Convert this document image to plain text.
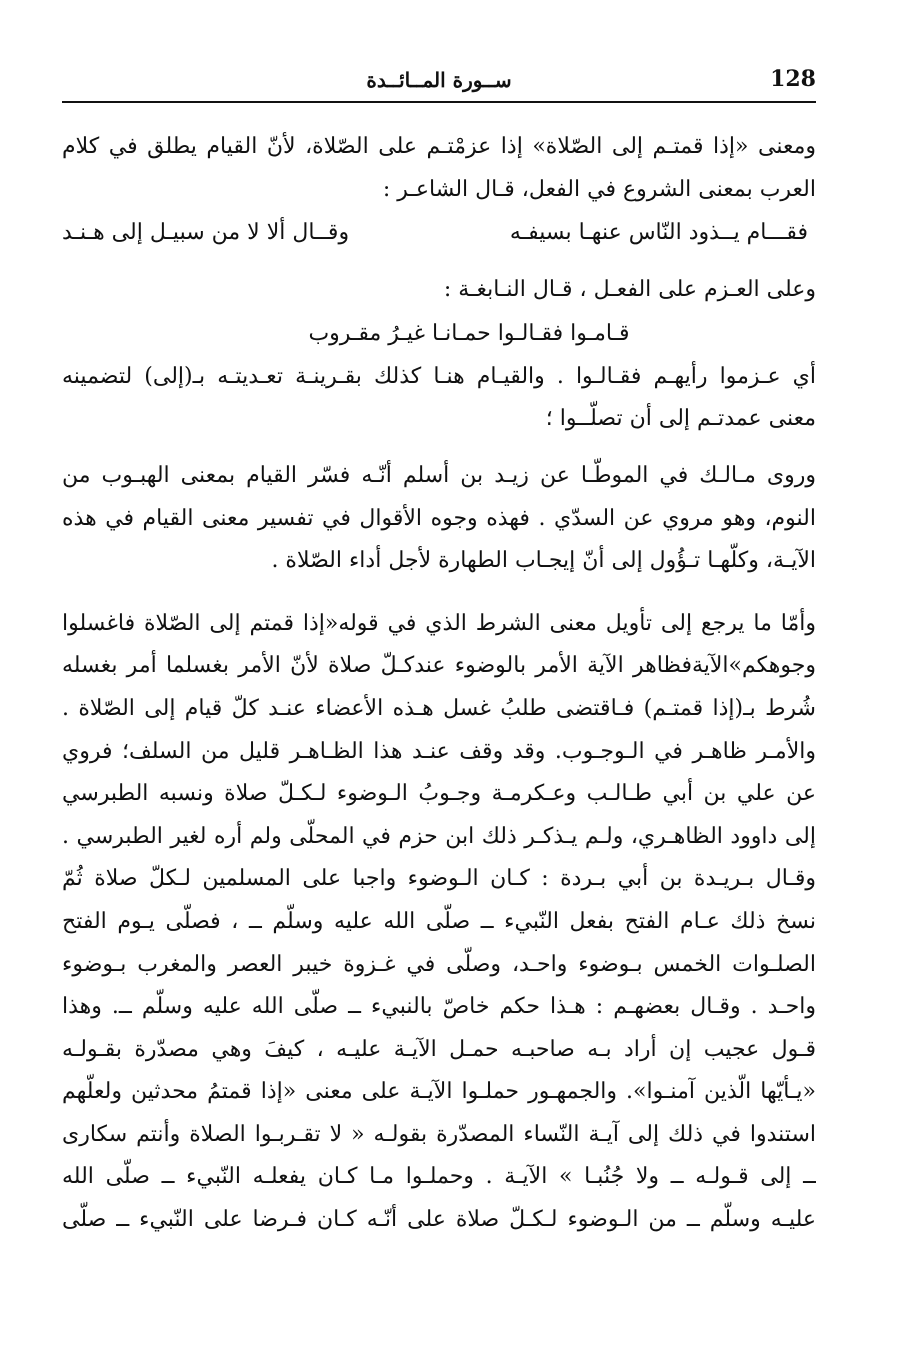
ســورة المــائــدة	128
ومعنى «إذا قمتـم إلى الصّلاة» إذا عزمْتـم على الصّلاة، لأنّ القيام يطلق في كلام
العرب بمعنى الشروع في الفعل، قـال الشاعـر :
فقـــام يــذود النّاس عنهـا بسيفـه
وقــال ألا لا من سبيـل إلى هـنـد
وعلى العـزم على الفعـل ، قـال النـابغـة :
قـامـوا فقـالـوا حمـانـا غيـرُ مقـروب
أي عـزموا رأيهـم فقـالـوا . والقيـام هنـا كذلك بقـرينـة تعـديتـه بـ(إلى) لتضمينه
معنى عمدتـم إلى أن تصلّــوا ؛
وروى مـالـك في الموطّـا عن زيـد بن أسلم أنّـه فسّر القيام بمعنى الهبـوب من
النوم، وهو مروي عن السدّي . فهذه وجوه الأقوال في تفسير معنى القيام في هذه
الآيـة، وكلّهـا تـؤُول إلى أنّ إيجـاب الطهارة لأجل أداء الصّلاة .
وأمّا ما يرجع إلى تأويل معنى الشرط الذي في قوله«إذا قمتم إلى الصّلاة فاغسلوا
وجوهكم»الآيةفظاهر الآية الأمر بالوضوء عندكـلّ صلاة لأنّ الأمر بغسلما أمر بغسله
شُرط بـ(إذا قمتـم) فـاقتضى طلبُ غسل هـذه الأعضاء عنـد كلّ قيام إلى الصّلاة .
والأمـر ظاهـر في الـوجـوب. وقد وقف عنـد هذا الظـاهـر قليل من السلف؛ فروي
عن علي بن أبي طـالـب وعـكرمـة وجـوبُ الـوضوء لـكـلّ صلاة ونسبه الطبرسي
إلى داوود الظاهـري، ولـم يـذكـر ذلك ابن حزم في المحلّى ولم أره لغير الطبرسي .
وقـال بـريـدة بن أبي بـردة : كـان الـوضوء واجبا على المسلمين لـكلّ صلاة ثُمّ
نسخ ذلك عـام الفتح بفعل النّبيء ــ صلّى الله عليه وسلّم ــ ، فصلّى يـوم الفتح
الصلـوات الخمس بـوضوء واحـد، وصلّى في غـزوة خيبر العصر والمغرب بـوضوء
واحـد . وقـال بعضهـم : هـذا حكم خاصّ بالنبيء ــ صلّى الله عليه وسلّم ــ. وهذا
قـول عجيب إن أراد بـه صاحبـه حمـل الآيـة عليـه ، كيفَ وهي مصدّرة بقـولـه
«يـأيّها الّذين آمنـوا». والجمهـور حملـوا الآيـة على معنى «إذا قمتمُ محدثين ولعلّهم
استندوا في ذلك إلى آيـة النّساء المصدّرة بقولـه « لا تقـربـوا الصلاة وأنتم سكارى
ــ إلى قـولـه ــ ولا جُنُبـا » الآيـة . وحملـوا مـا كـان يفعلـه النّبيء ــ صلّى الله
عليـه وسلّم ــ من الـوضوء لـكـلّ صلاة على أنّـه كـان فـرضا على النّبيء ــ صلّى
